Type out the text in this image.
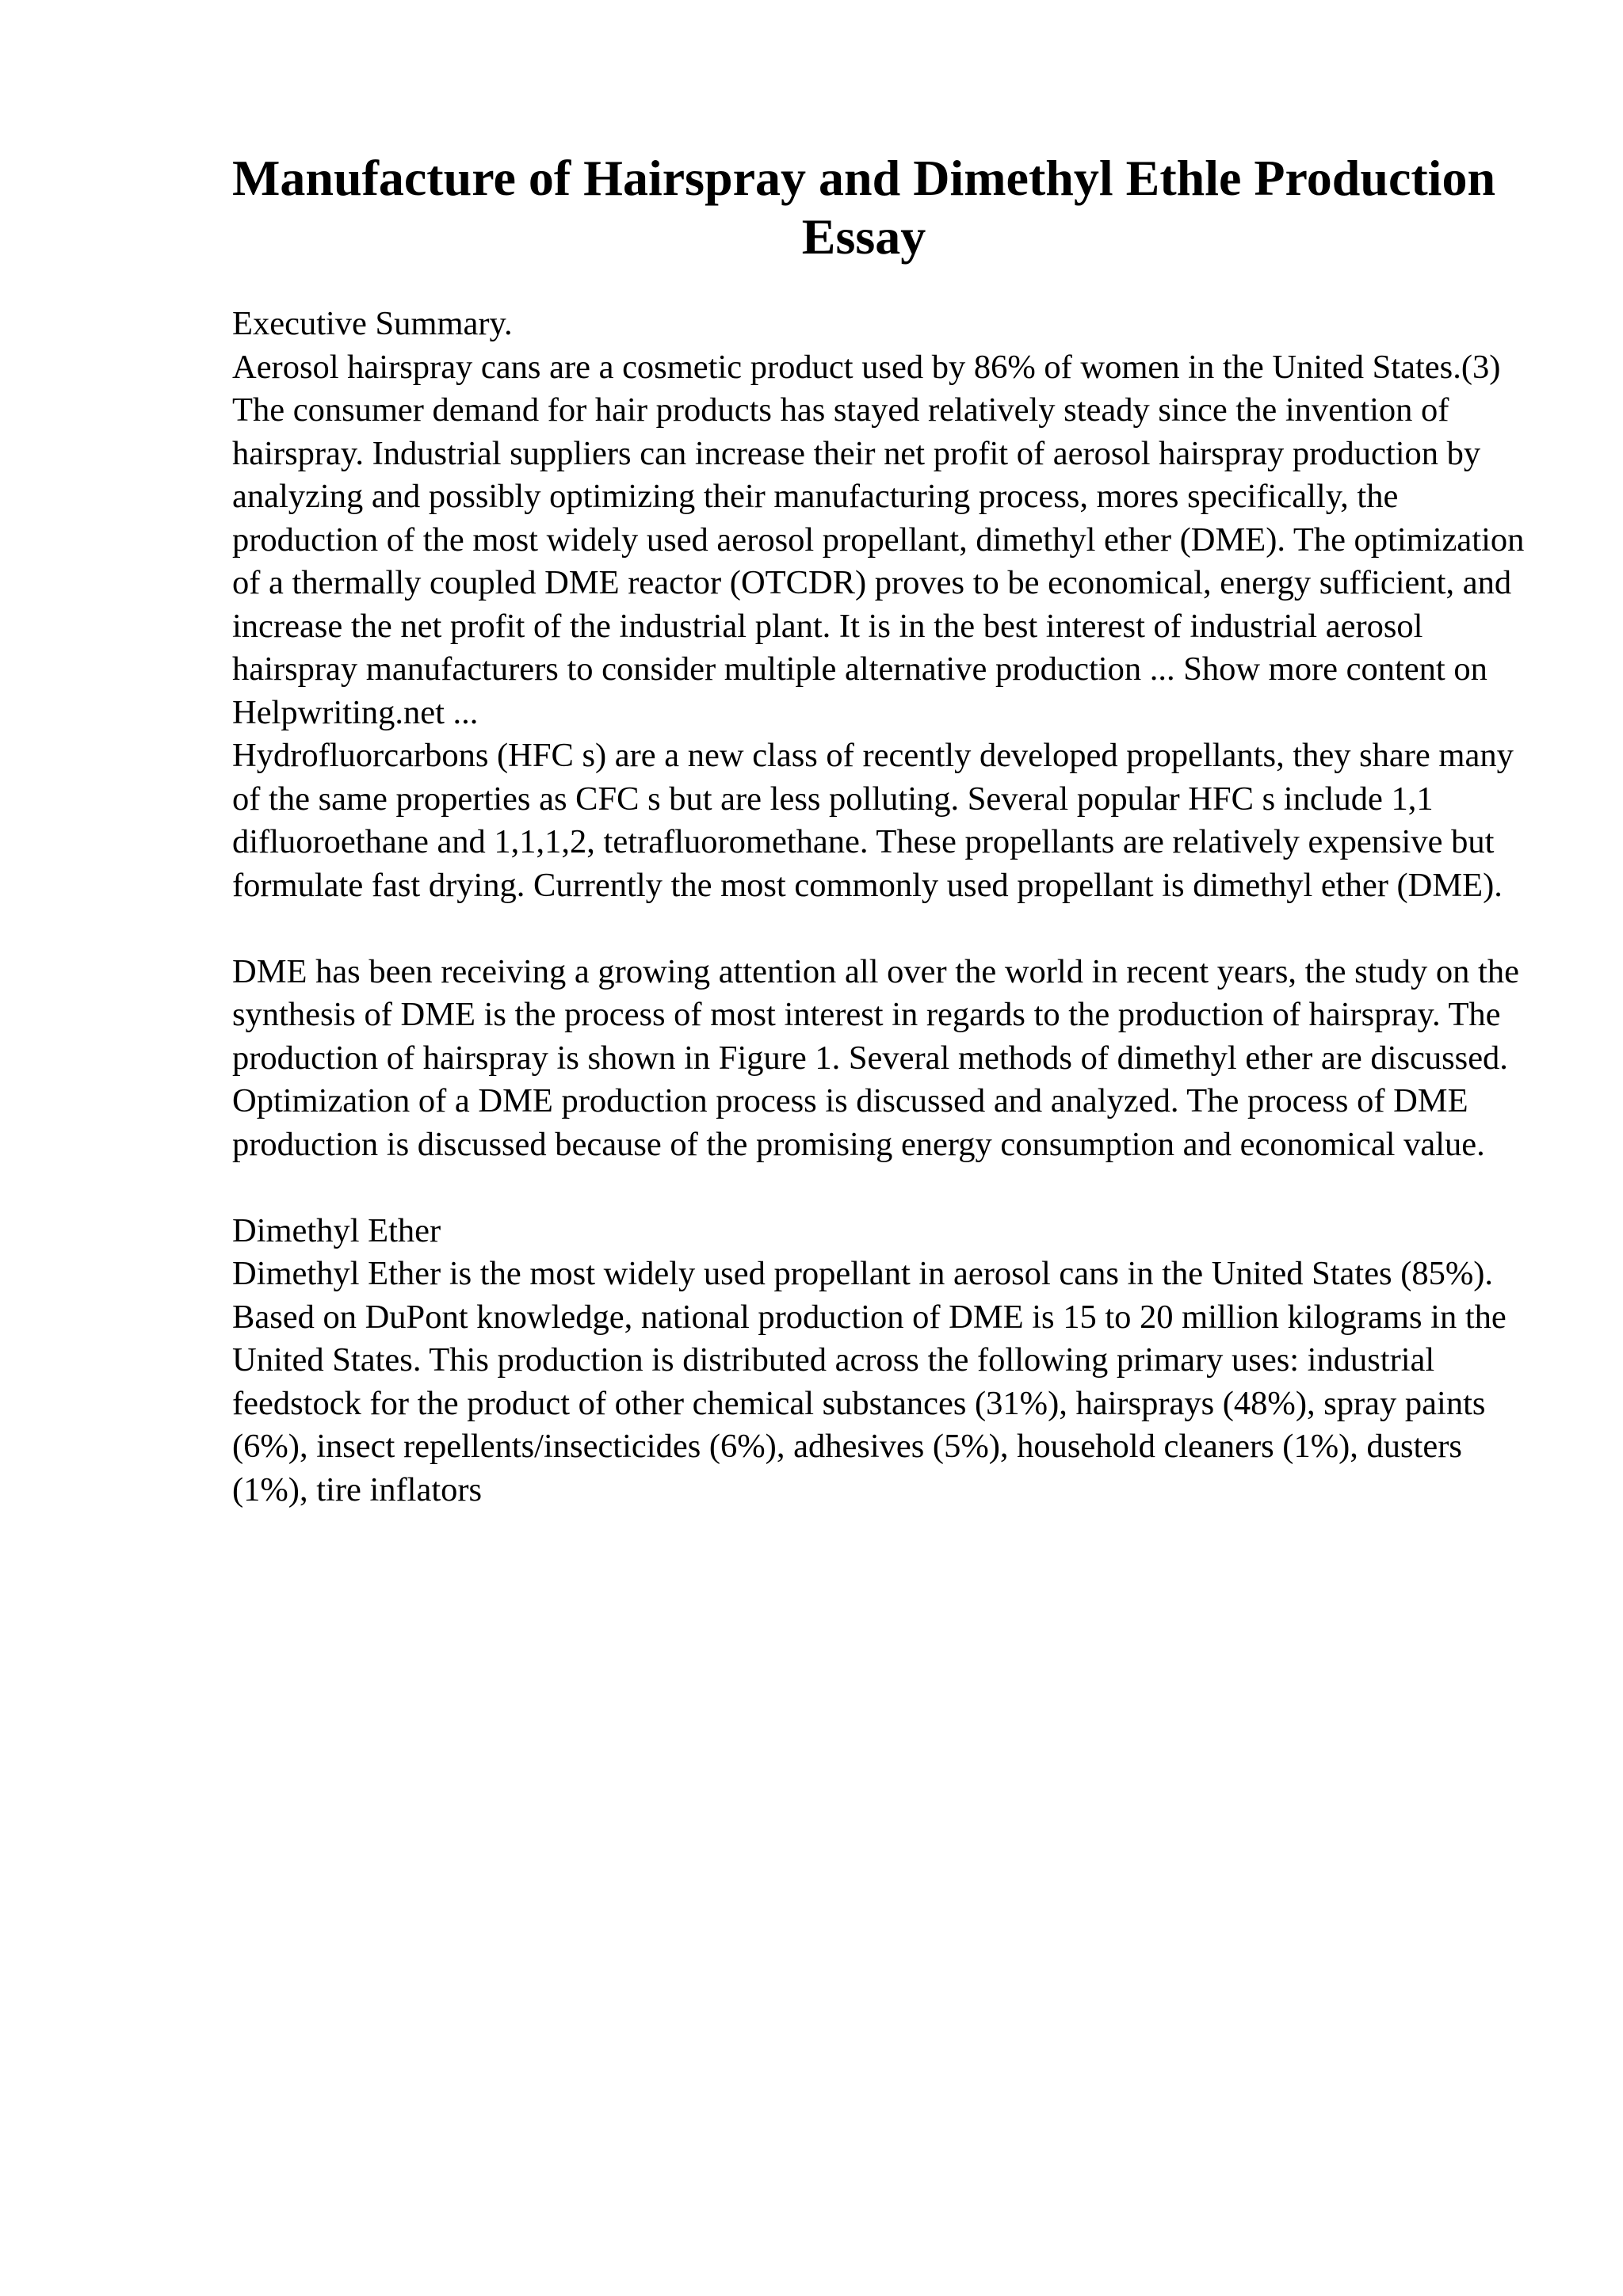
Manufacture of Hairspray and Dimethyl Ethle Production Essay

Executive Summary.

Aerosol hairspray cans are a cosmetic product used by 86% of women in the United States.(3) The consumer demand for hair products has stayed relatively steady since the invention of hairspray. Industrial suppliers can increase their net profit of aerosol hairspray production by analyzing and possibly optimizing their manufacturing process, mores specifically, the production of the most widely used aerosol propellant, dimethyl ether (DME). The optimization of a thermally coupled DME reactor (OTCDR) proves to be economical, energy sufficient, and increase the net profit of the industrial plant. It is in the best interest of industrial aerosol hairspray manufacturers to consider multiple alternative production ... Show more content on Helpwriting.net ...

Hydrofluorcarbons (HFC s) are a new class of recently developed propellants, they share many of the same properties as CFC s but are less polluting. Several popular HFC s include 1,1 difluoroethane and 1,1,1,2, tetrafluoromethane. These propellants are relatively expensive but formulate fast drying. Currently the most commonly used propellant is dimethyl ether (DME).

DME has been receiving a growing attention all over the world in recent years, the study on the synthesis of DME is the process of most interest in regards to the production of hairspray. The production of hairspray is shown in Figure 1. Several methods of dimethyl ether are discussed. Optimization of a DME production process is discussed and analyzed. The process of DME production is discussed because of the promising energy consumption and economical value.

Dimethyl Ether

Dimethyl Ether is the most widely used propellant in aerosol cans in the United States (85%). Based on DuPont knowledge, national production of DME is 15 to 20 million kilograms in the United States. This production is distributed across the following primary uses: industrial feedstock for the product of other chemical substances (31%), hairsprays (48%), spray paints (6%), insect repellents/insecticides (6%), adhesives (5%), household cleaners (1%), dusters (1%), tire inflators
